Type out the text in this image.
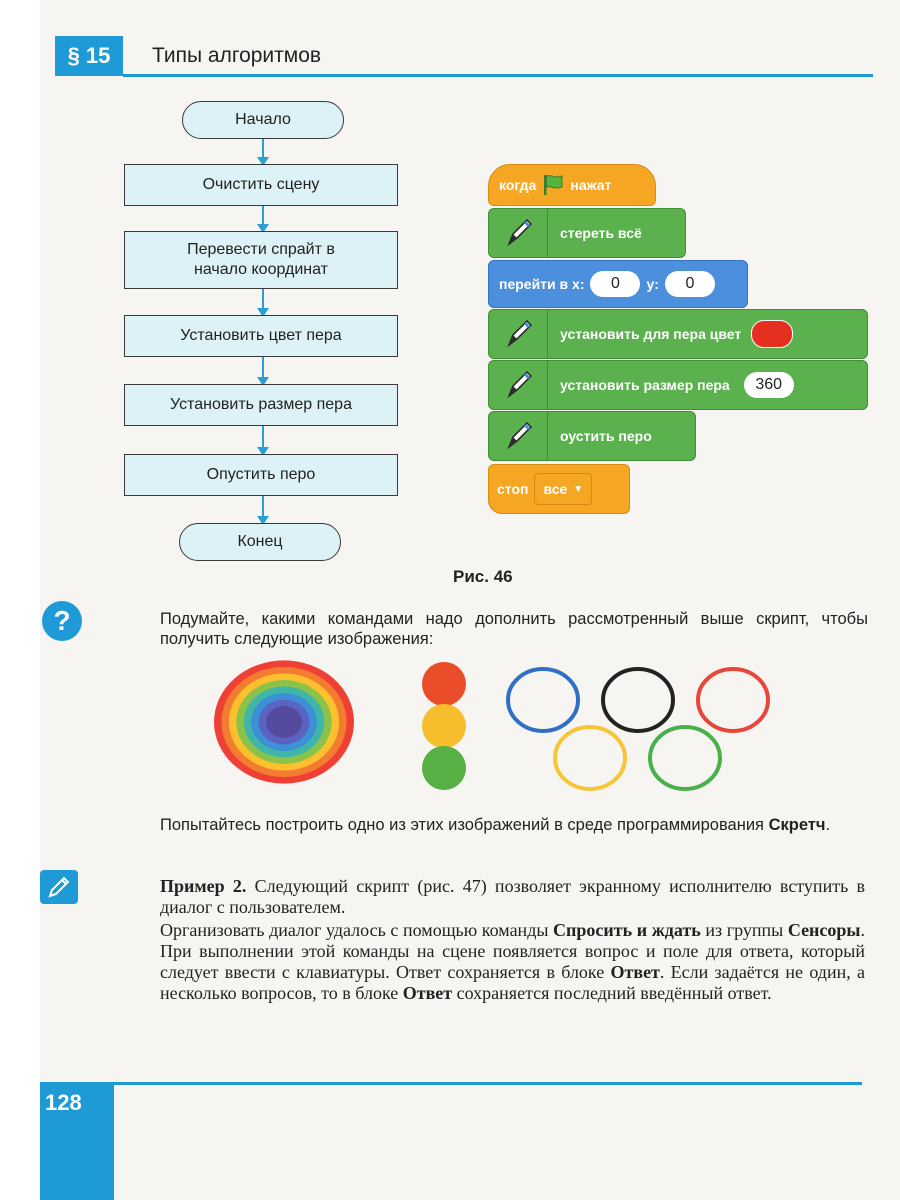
§ 15	Типы алгоритмов
Начало
Очистить сцену
Перевести спрайт в начало координат
Установить цвет пера
Установить размер пера
Опустить перо
Конец
когда нажат
стереть всё
перейти в x:	0	y:	0
установить для пера цвет
установить размер пера	360
оустить перо
стоп все ▼
Рис. 46
?	Подумайте, какими командами надо дополнить рассмотренный выше скрипт, чтобы получить следующие изображения:
Попытайтесь построить одно из этих изображений в среде программирования Скретч.
Пример 2. Следующий скрипт (рис. 47) позволяет экранному исполнителю вступить в диалог с пользователем.
Организовать диалог удалось с помощью команды Спросить и ждать из группы Сенсоры. При выполнении этой команды на сцене появляется вопрос и поле для ответа, который следует ввести с клавиатуры. Ответ сохраняется в блоке Ответ. Если задаётся не один, а несколько вопросов, то в блоке Ответ сохраняется последний введённый ответ.
128
